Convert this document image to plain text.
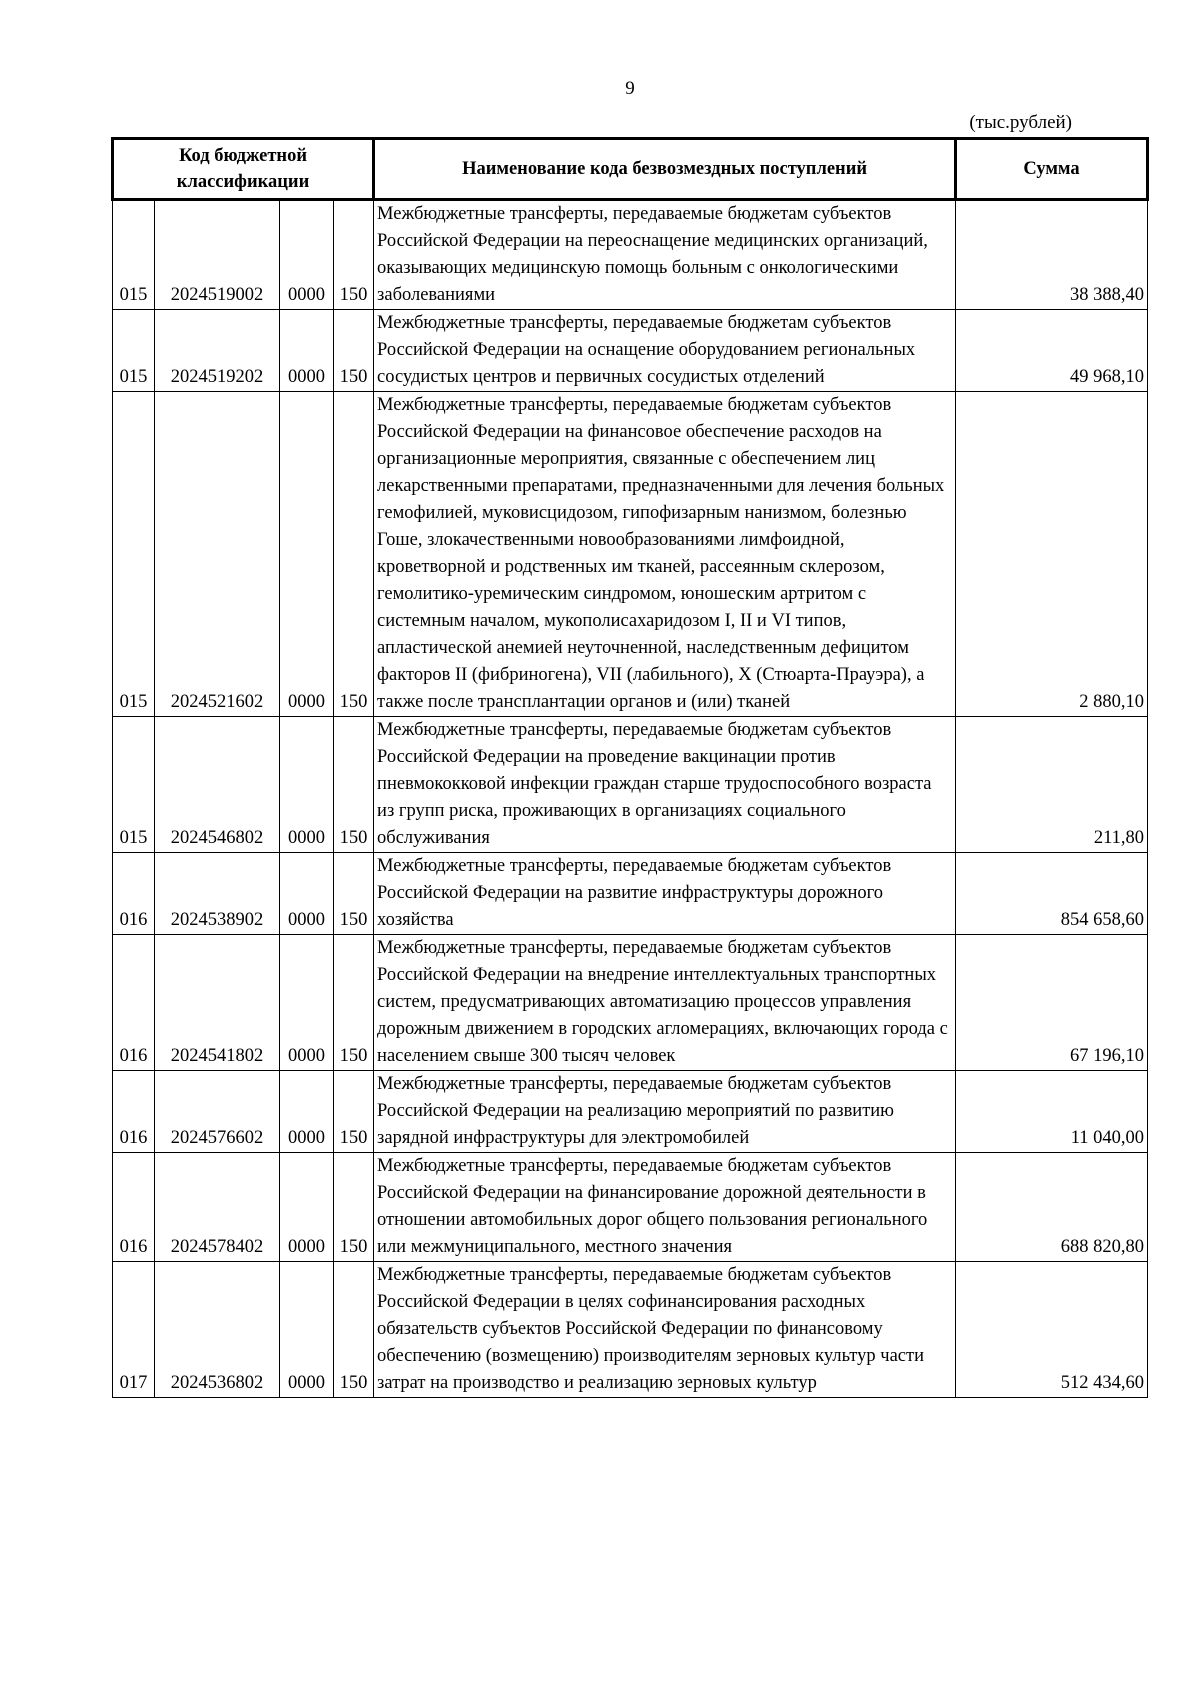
9
(тыс.рублей)
Код бюджетной классификации				Наименование кода безвозмездных поступлений	Сумма
015	2024519002	0000	150	Межбюджетные трансферты, передаваемые бюджетам субъектов Российской Федерации на переоснащение медицинских организаций, оказывающих медицинскую помощь больным с онкологическими заболеваниями	38 388,40
015	2024519202	0000	150	Межбюджетные трансферты, передаваемые бюджетам субъектов Российской Федерации на оснащение оборудованием региональных сосудистых центров и первичных сосудистых отделений	49 968,10
015	2024521602	0000	150	Межбюджетные трансферты, передаваемые бюджетам субъектов Российской Федерации на финансовое обеспечение расходов на организационные мероприятия, связанные с обеспечением лиц лекарственными препаратами, предназначенными для лечения больных гемофилией, муковисцидозом, гипофизарным нанизмом, болезнью Гоше, злокачественными новообразованиями лимфоидной, кроветворной и родственных им тканей, рассеянным склерозом, гемолитико-уремическим синдромом, юношеским артритом с системным началом, мукополисахаридозом I, II и VI типов, апластической анемией неуточненной, наследственным дефицитом факторов II (фибриногена), VII (лабильного), X (Стюарта-Прауэра), а также после трансплантации органов и (или) тканей	2 880,10
015	2024546802	0000	150	Межбюджетные трансферты, передаваемые бюджетам субъектов Российской Федерации на проведение вакцинации против пневмококковой инфекции граждан старше трудоспособного возраста из групп риска, проживающих в организациях социального обслуживания	211,80
016	2024538902	0000	150	Межбюджетные трансферты, передаваемые бюджетам субъектов Российской Федерации на развитие инфраструктуры дорожного хозяйства	854 658,60
016	2024541802	0000	150	Межбюджетные трансферты, передаваемые бюджетам субъектов Российской Федерации на внедрение интеллектуальных транспортных систем, предусматривающих автоматизацию процессов управления дорожным движением в городских агломерациях, включающих города с населением свыше 300 тысяч человек	67 196,10
016	2024576602	0000	150	Межбюджетные трансферты, передаваемые бюджетам субъектов Российской Федерации на реализацию мероприятий по развитию зарядной инфраструктуры для электромобилей	11 040,00
016	2024578402	0000	150	Межбюджетные трансферты, передаваемые бюджетам субъектов Российской Федерации на финансирование дорожной деятельности в отношении автомобильных дорог общего пользования регионального или межмуниципального, местного значения	688 820,80
017	2024536802	0000	150	Межбюджетные трансферты, передаваемые бюджетам субъектов Российской Федерации в целях софинансирования расходных обязательств субъектов Российской Федерации по финансовому обеспечению (возмещению) производителям зерновых культур части затрат на производство и реализацию зерновых культур	512 434,60
